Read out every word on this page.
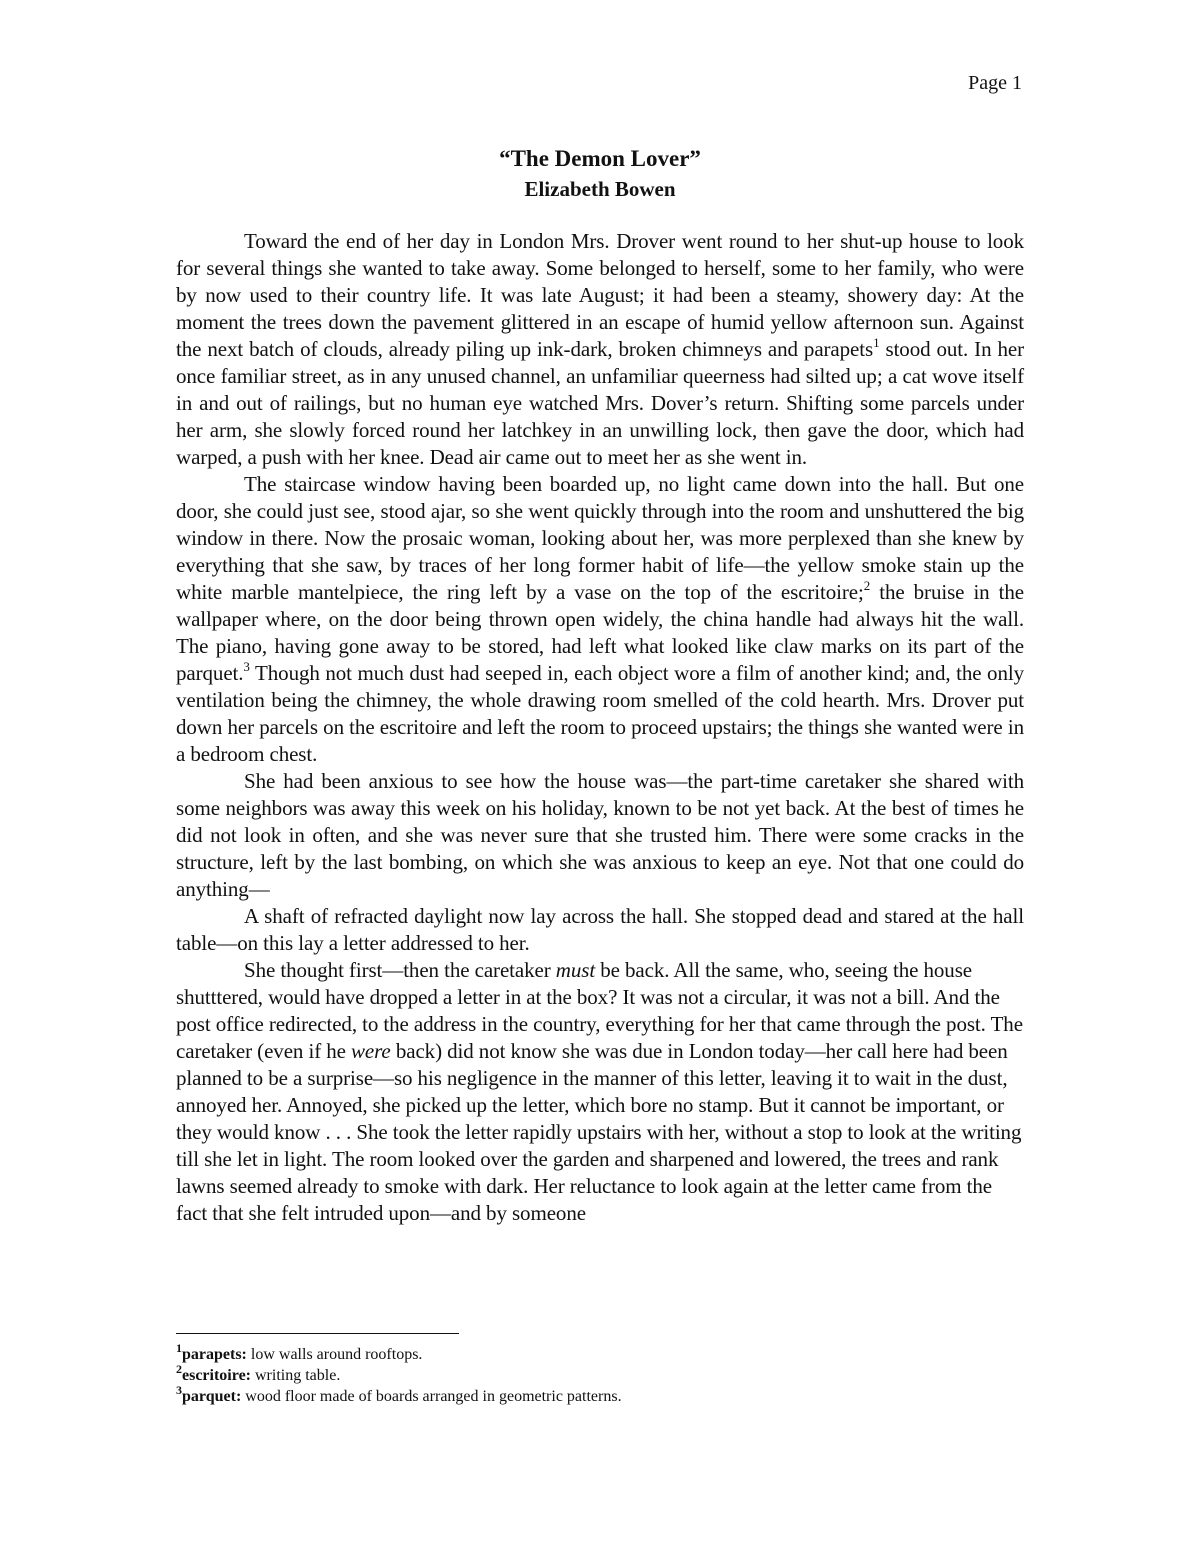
Page 1
“The Demon Lover”
Elizabeth Bowen

Toward the end of her day in London Mrs. Drover went round to her shut-up house to look for several things she wanted to take away. Some belonged to herself, some to her family, who were by now used to their country life. It was late August; it had been a steamy, showery day: At the moment the trees down the pavement glittered in an escape of humid yellow afternoon sun. Against the next batch of clouds, already piling up ink-dark, broken chimneys and parapets$^1$ stood out. In her once familiar street, as in any unused channel, an unfamiliar queerness had silted up; a cat wove itself in and out of railings, but no human eye watched Mrs. Dover’s return. Shifting some parcels under her arm, she slowly forced round her latchkey in an unwilling lock, then gave the door, which had warped, a push with her knee. Dead air came out to meet her as she went in.

The staircase window having been boarded up, no light came down into the hall. But one door, she could just see, stood ajar, so she went quickly through into the room and unshuttered the big window in there. Now the prosaic woman, looking about her, was more perplexed than she knew by everything that she saw, by traces of her long former habit of life—the yellow smoke stain up the white marble mantelpiece, the ring left by a vase on the top of the escritoire;$^2$ the bruise in the wallpaper where, on the door being thrown open widely, the china handle had always hit the wall. The piano, having gone away to be stored, had left what looked like claw marks on its part of the parquet.$^3$ Though not much dust had seeped in, each object wore a film of another kind; and, the only ventilation being the chimney, the whole drawing room smelled of the cold hearth. Mrs. Drover put down her parcels on the escritoire and left the room to proceed upstairs; the things she wanted were in a bedroom chest.

She had been anxious to see how the house was—the part-time caretaker she shared with some neighbors was away this week on his holiday, known to be not yet back. At the best of times he did not look in often, and she was never sure that she trusted him. There were some cracks in the structure, left by the last bombing, on which she was anxious to keep an eye. Not that one could do anything—

A shaft of refracted daylight now lay across the hall. She stopped dead and stared at the hall table—on this lay a letter addressed to her.

She thought first—then the caretaker must be back. All the same, who, seeing the house shutttered, would have dropped a letter in at the box? It was not a circular, it was not a bill. And the post office redirected, to the address in the country, everything for her that came through the post. The caretaker (even if he were back) did not know she was due in London today—her call here had been planned to be a surprise—so his negligence in the manner of this letter, leaving it to wait in the dust, annoyed her. Annoyed, she picked up the letter, which bore no stamp. But it cannot be important, or they would know . . . She took the letter rapidly upstairs with her, without a stop to look at the writing till she let in light. The room looked over the garden and sharpened and lowered, the trees and rank lawns seemed already to smoke with dark. Her reluctance to look again at the letter came from the fact that she felt intruded upon—and by someone

$^1$parapets: low walls around rooftops.
$^2$escritoire: writing table.
$^3$parquet: wood floor made of boards arranged in geometric patterns.
